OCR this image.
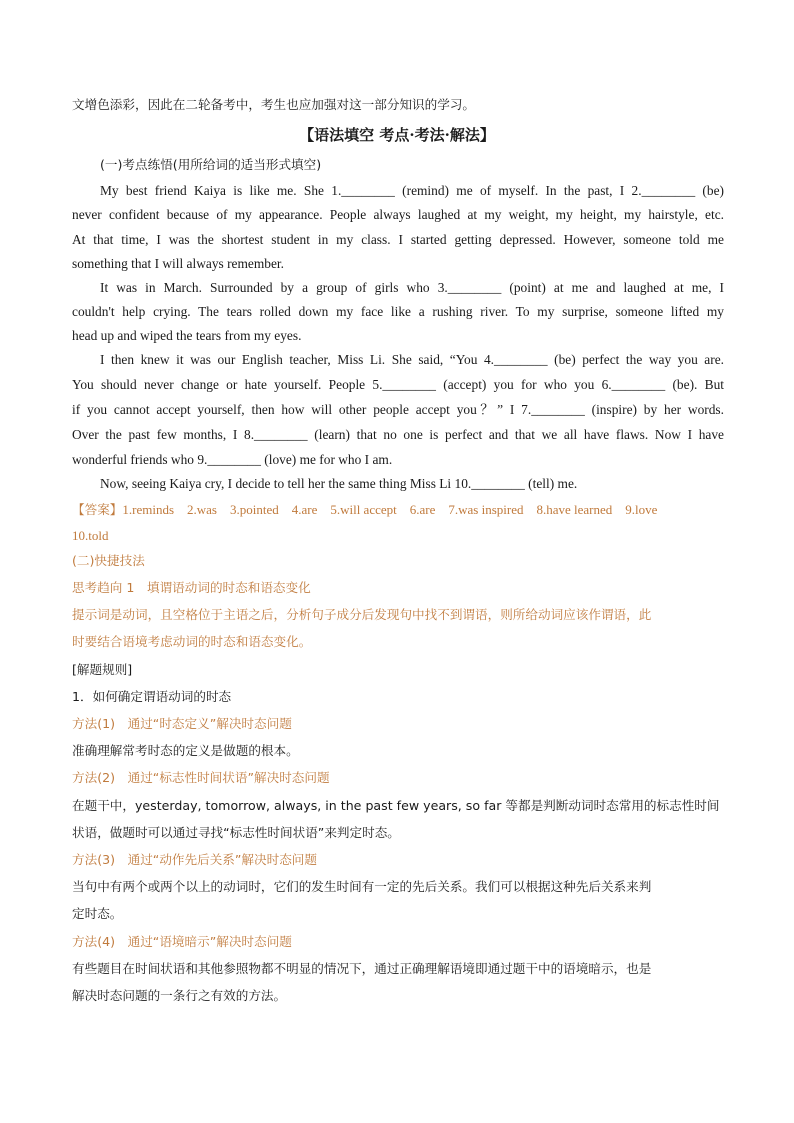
文增色添彩，因此在二轮备考中，考生也应加强对这一部分知识的学习。
【语法填空 考点·考法·解法】
(一)考点练悟(用所给词的适当形式填空)
My best friend Kaiya is like me. She 1.________ (remind) me of myself. In the past, I 2.________ (be)
never confident because of my appearance. People always laughed at my weight, my height, my hairstyle, etc.
At that time, I was the shortest student in my class. I started getting depressed. However, someone told me
something that I will always remember.
It was in March. Surrounded by a group of girls who 3.________ (point) at me and laughed at me, I
couldn't help crying. The tears rolled down my face like a rushing river. To my surprise, someone lifted my
head up and wiped the tears from my eyes.
I then knew it was our English teacher, Miss Li. She said, “You 4.________ (be) perfect the way you are.
You should never change or hate yourself. People 5.________ (accept) you for who you 6.________ (be). But
if you cannot accept yourself, then how will other people accept you？” I 7.________ (inspire) by her words.
Over the past few months, I 8.________ (learn) that no one is perfect and that we all have flaws. Now I have
wonderful friends who 9.________ (love) me for who I am.
Now, seeing Kaiya cry, I decide to tell her the same thing Miss Li 10.________ (tell) me.
【答案】1.reminds　2.was　3.pointed　4.are　5.will accept　6.are　7.was inspired　8.have learned　9.love
10.told
(二)快捷技法
思考趋向 1　填谓语动词的时态和语态变化
提示词是动词，且空格位于主语之后，分析句子成分后发现句中找不到谓语，则所给动词应该作谓语，此
时要结合语境考虑动词的时态和语态变化。
[解题规则]
1．如何确定谓语动词的时态
方法(1)　通过“时态定义”解决时态问题
准确理解常考时态的定义是做题的根本。
方法(2)　通过“标志性时间状语”解决时态问题
在题干中，yesterday, tomorrow, always, in the past few years, so far 等都是判断动词时态常用的标志性时间
状语，做题时可以通过寻找“标志性时间状语”来判定时态。
方法(3)　通过“动作先后关系”解决时态问题
当句中有两个或两个以上的动词时，它们的发生时间有一定的先后关系。我们可以根据这种先后关系来判
定时态。
方法(4)　通过“语境暗示”解决时态问题
有些题目在时间状语和其他参照物都不明显的情况下，通过正确理解语境即通过题干中的语境暗示，也是
解决时态问题的一条行之有效的方法。
